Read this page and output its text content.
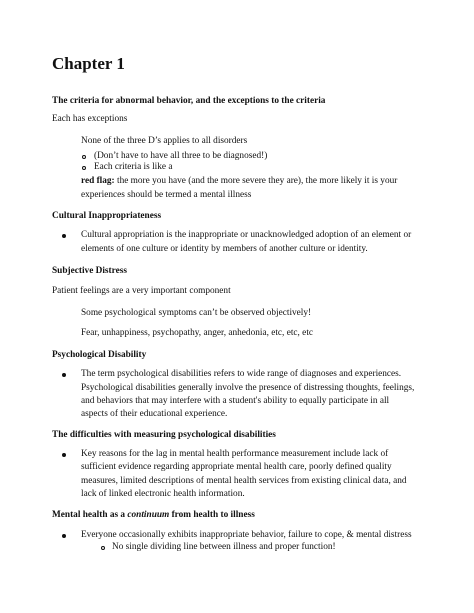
Chapter 1
The criteria for abnormal behavior, and the exceptions to the criteria
Each has exceptions
None of the three D’s applies to all disorders
(Don’t have to have all three to be diagnosed!)
Each criteria is like a
red flag: the more you have (and the more severe they are), the more likely it is your
experiences should be termed a mental illness
Cultural Inappropriateness
Cultural appropriation is the inappropriate or unacknowledged adoption of an element or
elements of one culture or identity by members of another culture or identity.
Subjective Distress
Patient feelings are a very important component
Some psychological symptoms can’t be observed objectively!
Fear, unhappiness, psychopathy, anger, anhedonia, etc, etc, etc
Psychological Disability
The term psychological disabilities refers to wide range of diagnoses and experiences.
Psychological disabilities generally involve the presence of distressing thoughts, feelings,
and behaviors that may interfere with a student's ability to equally participate in all
aspects of their educational experience.
The difficulties with measuring psychological disabilities
Key reasons for the lag in mental health performance measurement include lack of
sufficient evidence regarding appropriate mental health care, poorly defined quality
measures, limited descriptions of mental health services from existing clinical data, and
lack of linked electronic health information.
Mental health as a continuum from health to illness
Everyone occasionally exhibits inappropriate behavior, failure to cope, & mental distress
No single dividing line between illness and proper function!
